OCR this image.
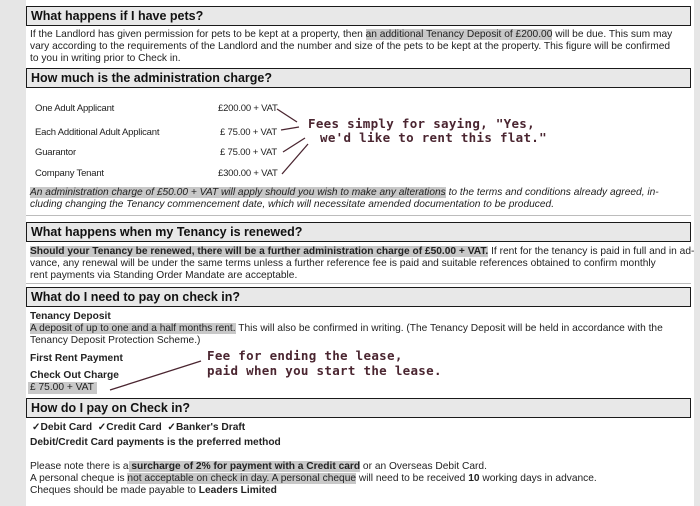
What happens if I have pets?
If the Landlord has given permission for pets to be kept at a property, then an additional Tenancy Deposit of £200.00 will be due. This sum may
vary according to the requirements of the Landlord and the number and size of the pets to be kept at the property. This figure will be confirmed
to you in writing prior to Check in.
How much is the administration charge?
One Adult Applicant	£200.00 + VAT
Each Additional Adult Applicant	£ 75.00 + VAT
Guarantor	£ 75.00 + VAT
Company Tenant	£300.00 + VAT
Fees simply for saying, "Yes,
we'd like to rent this flat."
An administration charge of £50.00 + VAT will apply should you wish to make any alterations to the terms and conditions already agreed, in-
cluding changing the Tenancy commencement date, which will necessitate amended documentation to be produced.
What happens when my Tenancy is renewed?
Should your Tenancy be renewed, there will be a further administration charge of £50.00 + VAT. If rent for the tenancy is paid in full and in ad-
vance, any renewal will be under the same terms unless a further reference fee is paid and suitable references obtained to confirm monthly
rent payments via Standing Order Mandate are acceptable.
What do I need to pay on check in?
Tenancy Deposit
A deposit of up to one and a half months rent. This will also be confirmed in writing. (The Tenancy Deposit will be held in accordance with the
Tenancy Deposit Protection Scheme.)
First Rent Payment
Check Out Charge
£ 75.00 + VAT
Fee for ending the lease,
paid when you start the lease.
How do I pay on Check in?
✓Debit Card ✓Credit Card ✓Banker's Draft
Debit/Credit Card payments is the preferred method
Please note there is a surcharge of 2% for payment with a Credit card or an Overseas Debit Card.
A personal cheque is not acceptable on check in day. A personal cheque will need to be received 10 working days in advance.
Cheques should be made payable to Leaders Limited
